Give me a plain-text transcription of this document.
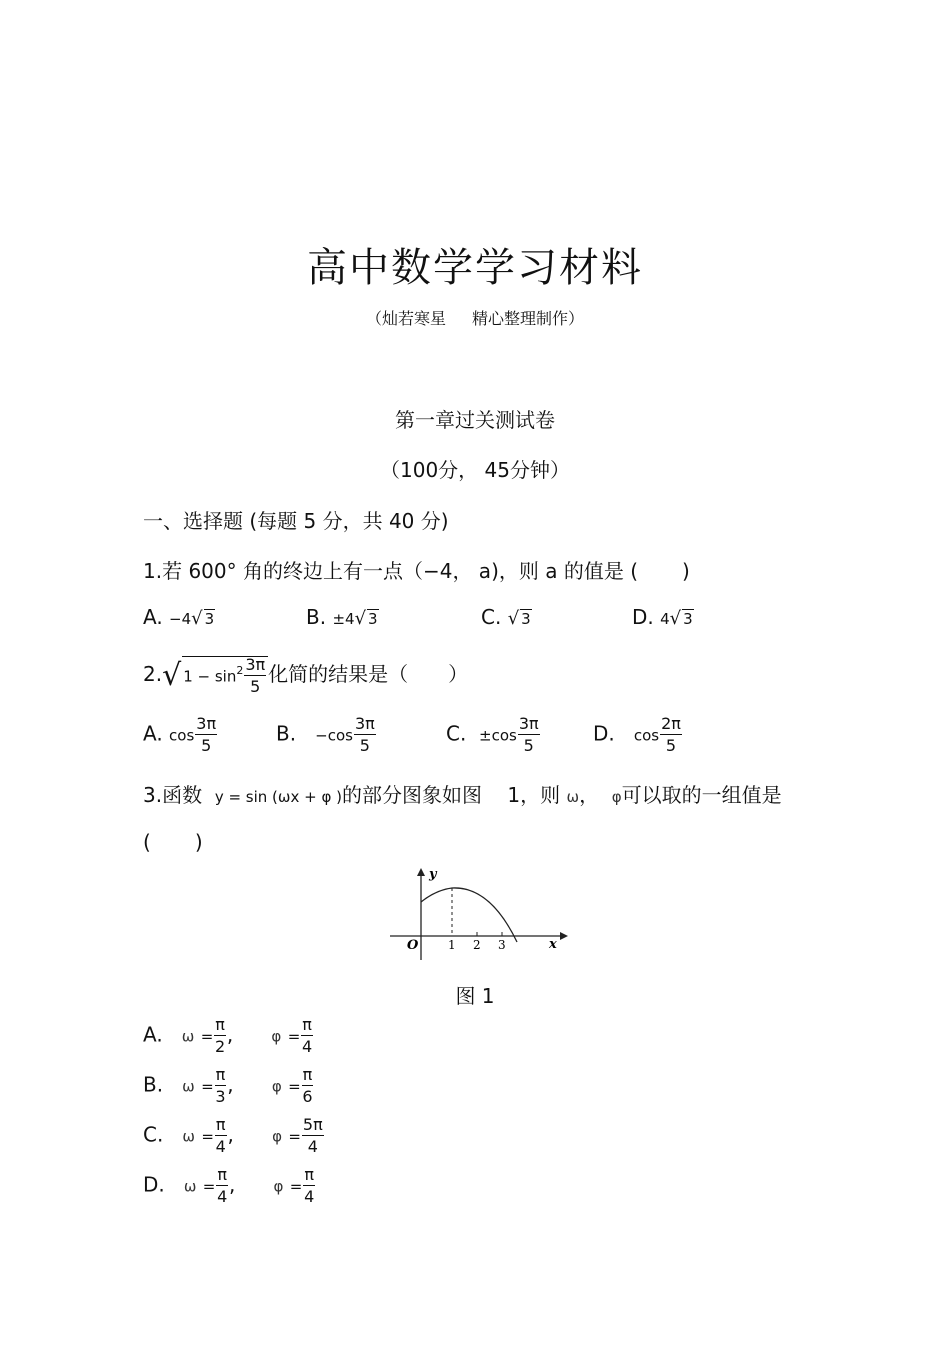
高中数学学习材料
（灿若寒星 精心整理制作）
第一章过关测试卷
（100分， 45分钟）
一、选择题 (每题 5 分，共 40 分)
1.若 600° 角的终边上有一点（−4， a)，则 a 的值是 ( )
A. −4√ 3	B. ±4√ 3	C. √ 3	D. 4√ 3
2.√ $1 - \sin^2 \frac{3\pi}{5}$ 化简的结果是（ ）
A. $\cos \frac{3\pi}{5}$	B. $-\cos \frac{3\pi}{5}$	C. $\pm\cos \frac{3\pi}{5}$	D. $\cos \frac{2\pi}{5}$
3.函数 y = sin (ωx + φ )的部分图象如图 1，则 ω， φ可以取的一组值是
( )
y
x
O 1 2 3
图 1
A. $\omega = \frac{\pi}{2}$ ,      $\varphi = \frac{\pi}{4}$
B. $\omega = \frac{\pi}{3}$ ,      $\varphi = \frac{\pi}{6}$
C. $\omega = \frac{\pi}{4}$ ,      $\varphi = \frac{5\pi}{4}$
D. $\omega = \frac{\pi}{4}$ ,      $\varphi = \frac{\pi}{4}$
